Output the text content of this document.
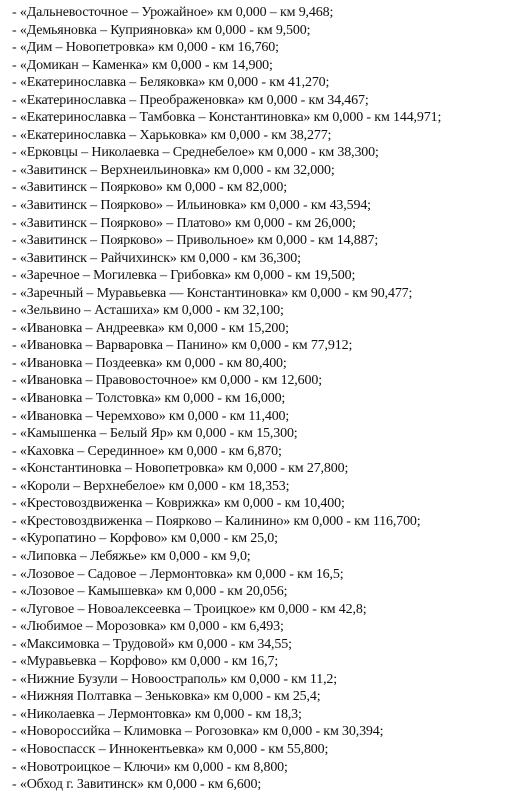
- «Дальневосточное – Урожайное» км 0,000 – км 9,468;
- «Демьяновка – Куприяновка» км 0,000 - км 9,500;
- «Дим – Новопетровка» км 0,000 - км 16,760;
- «Домикан – Каменка» км 0,000 - км 14,900;
- «Екатеринославка – Беляковка» км 0,000 - км 41,270;
- «Екатеринославка – Преображеновка» км 0,000 - км 34,467;
- «Екатеринославка – Тамбовка – Константиновка» км 0,000 - км 144,971;
- «Екатеринославка – Харьковка» км 0,000 - км 38,277;
- «Ерковцы – Николаевка – Среднебелое» км 0,000 - км 38,300;
- «Завитинск – Верхнеильиновка» км 0,000 - км 32,000;
- «Завитинск – Поярково» км 0,000 - км 82,000;
- «Завитинск – Поярково» – Ильиновка» км 0,000 - км 43,594;
- «Завитинск – Поярково» – Платово» км 0,000 - км 26,000;
- «Завитинск – Поярково» – Привольное» км 0,000 - км 14,887;
- «Завитинск – Райчихинск» км 0,000 - км 36,300;
- «Заречное – Могилевка – Грибовка» км 0,000 - км 19,500;
- «Заречный – Муравьевка — Константиновка» км 0,000 - км 90,477;
- «Зельвино – Асташиха» км 0,000 - км 32,100;
- «Ивановка – Андреевка» км 0,000 - км 15,200;
- «Ивановка – Варваровка – Панино» км 0,000 - км 77,912;
- «Ивановка – Поздеевка» км 0,000 - км 80,400;
- «Ивановка – Правовосточное» км 0,000 - км 12,600;
- «Ивановка – Толстовка» км 0,000 - км 16,000;
- «Ивановка – Черемхово» км 0,000 - км 11,400;
- «Камышенка – Белый Яр» км 0,000 - км 15,300;
- «Каховка – Серединное» км 0,000 - км 6,870;
- «Константиновка – Новопетровка» км 0,000 - км 27,800;
- «Короли – Верхнебелое» км 0,000 - км 18,353;
- «Крестовоздвиженка – Коврижка» км 0,000 - км 10,400;
- «Крестовоздвиженка – Поярково – Калинино» км 0,000 - км 116,700;
- «Куропатино – Корфово» км 0,000 - км 25,0;
- «Липовка – Лебяжье» км 0,000 - км 9,0;
- «Лозовое – Садовое – Лермонтовка» км 0,000 - км 16,5;
- «Лозовое – Камышевка» км 0,000 - км 20,056;
- «Луговое – Новоалексеевка – Троицкое» км 0,000 - км 42,8;
- «Любимое – Морозовка» км 0,000 - км 6,493;
- «Максимовка – Трудовой» км 0,000 - км 34,55;
- «Муравьевка – Корфово» км 0,000 - км 16,7;
- «Нижние Бузули – Новоостраполь» км 0,000 - км 11,2;
- «Нижняя Полтавка – Зеньковка» км 0,000 - км 25,4;
- «Николаевка – Лермонтовка» км 0,000 - км 18,3;
- «Новороссийка – Климовка – Рогозовка» км 0,000 - км 30,394;
- «Новоспасск – Иннокентьевка» км 0,000 - км 55,800;
- «Новотроицкое – Ключи» км 0,000 - км 8,800;
- «Обход г. Завитинск» км 0,000 - км 6,600;
